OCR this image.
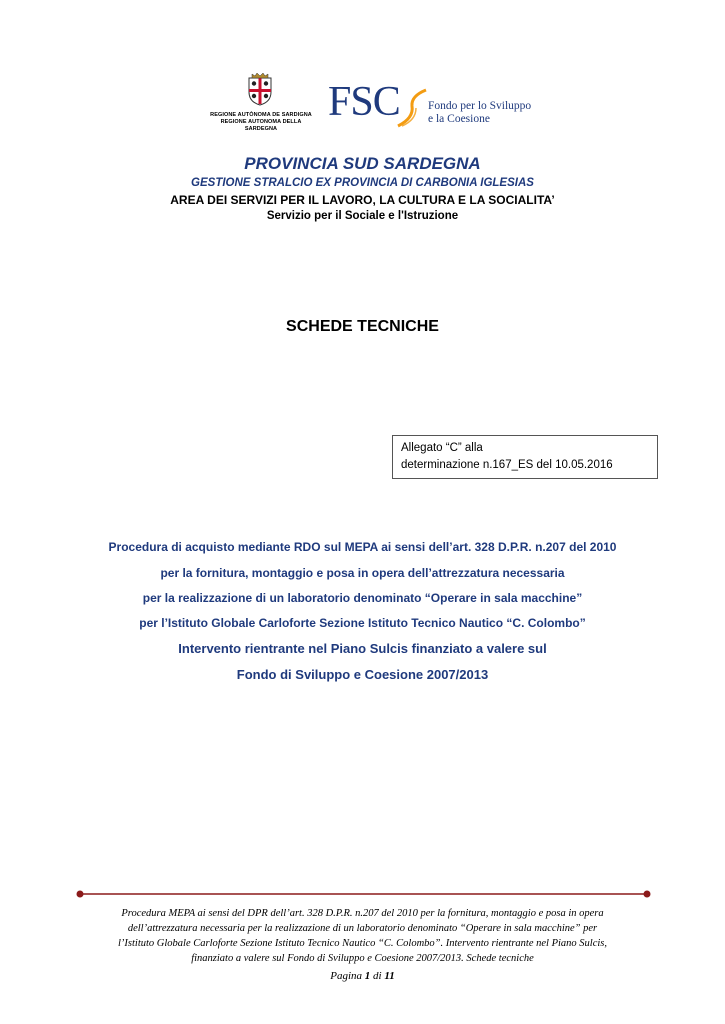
REGIONE AUTÒNOMA DE SARDIGNA
REGIONE AUTONOMA DELLA SARDEGNA
FSC Fondo per lo Sviluppo
e la Coesione
PROVINCIA SUD SARDEGNA
GESTIONE STRALCIO EX PROVINCIA DI CARBONIA IGLESIAS
AREA DEI SERVIZI PER IL LAVORO, LA CULTURA E LA SOCIALITA’
Servizio per il Sociale e l'Istruzione
SCHEDE TECNICHE
Allegato “C” alla
determinazione n.167_ES del 10.05.2016
Procedura di acquisto mediante RDO sul MEPA ai sensi dell’art. 328 D.P.R. n.207 del 2010
per la fornitura, montaggio e posa in opera dell’attrezzatura necessaria
per la realizzazione di un laboratorio denominato “Operare in sala macchine”
per l’Istituto Globale Carloforte Sezione Istituto Tecnico Nautico “C. Colombo”
Intervento rientrante nel Piano Sulcis finanziato a valere sul
Fondo di Sviluppo e Coesione 2007/2013
Procedura MEPA ai sensi del DPR dell’art. 328 D.P.R. n.207 del 2010 per la fornitura, montaggio e posa in opera
dell’attrezzatura necessaria per la realizzazione di un laboratorio denominato “Operare in sala macchine” per
l’Istituto Globale Carloforte Sezione Istituto Tecnico Nautico “C. Colombo”. Intervento rientrante nel Piano Sulcis,
finanziato a valere sul Fondo di Sviluppo e Coesione 2007/2013. Schede tecniche
Pagina 1 di 11
